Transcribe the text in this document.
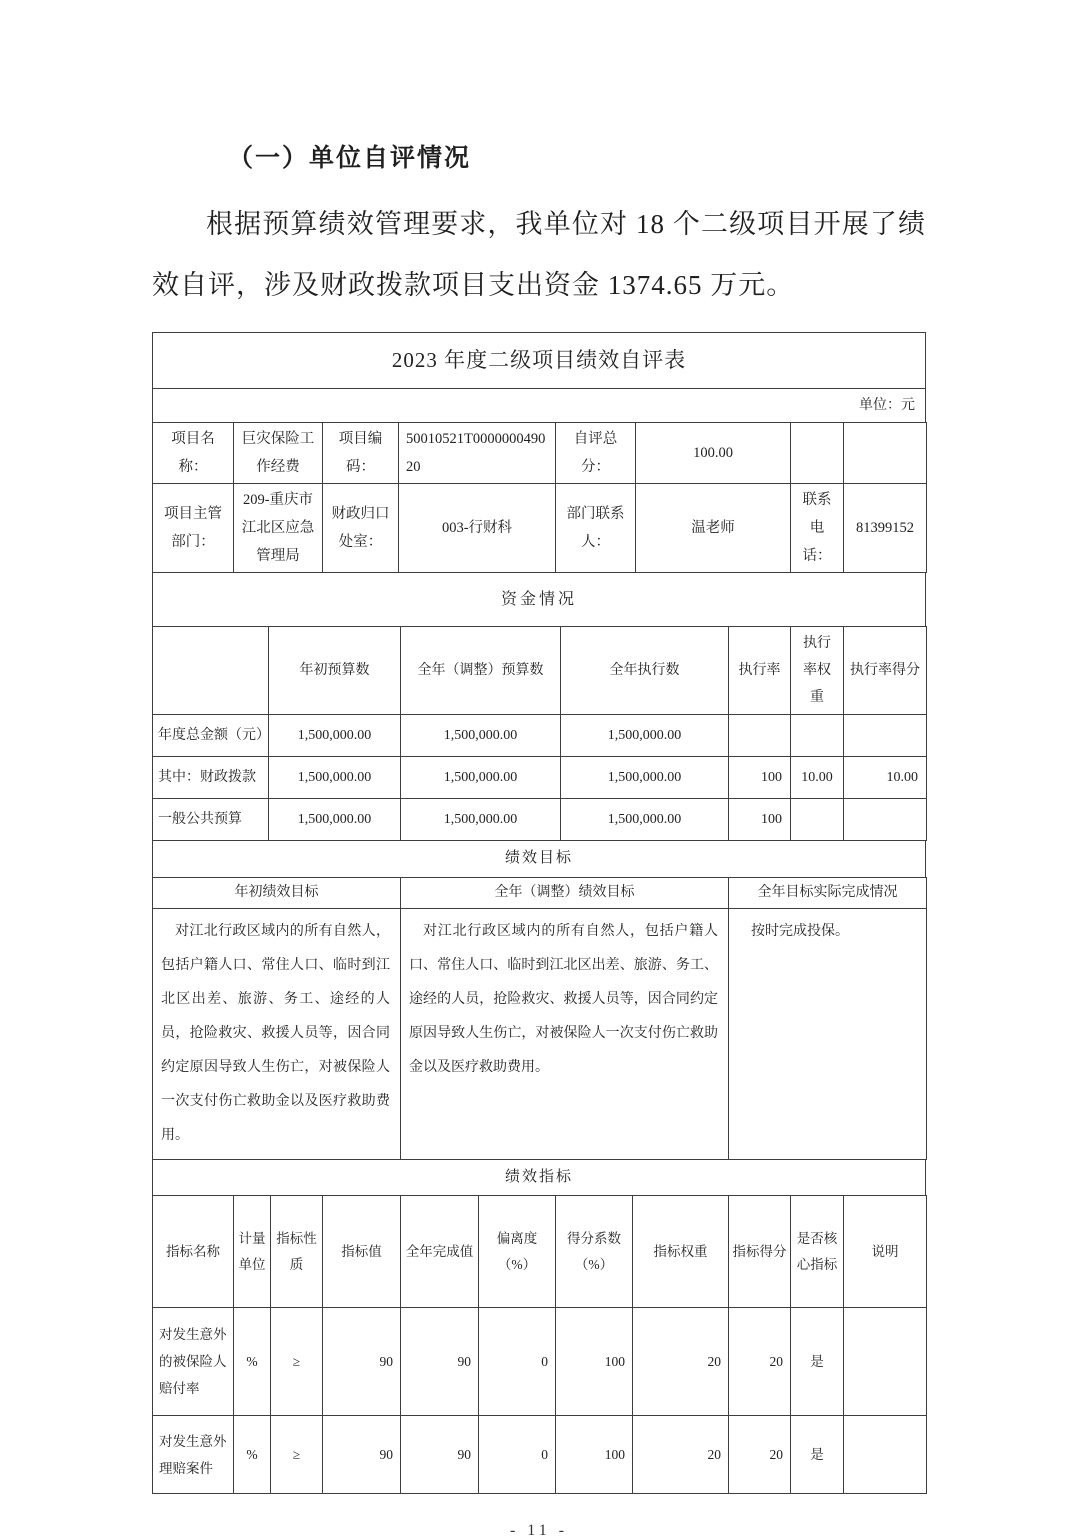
（一）单位自评情况

根据预算绩效管理要求，我单位对 18 个二级项目开展了绩效自评，涉及财政拨款项目支出资金 1374.65 万元。

2023 年度二级项目绩效自评表
单位：元
项目名称：	巨灾保险工作经费	项目编码：	50010521T000000049020	自评总分：	100.00		
项目主管部门：	209-重庆市江北区应急管理局	财政归口处室：	003-行财科	部门联系人：	温老师	联系电话：	81399152
资金情况
	年初预算数	全年（调整）预算数	全年执行数	执行率	执行率权重	执行率得分
年度总金额（元）	1,500,000.00	1,500,000.00	1,500,000.00			
其中：财政拨款	1,500,000.00	1,500,000.00	1,500,000.00	100	10.00	10.00
一般公共预算	1,500,000.00	1,500,000.00	1,500,000.00	100		
绩效目标
年初绩效目标	全年（调整）绩效目标	全年目标实际完成情况
对江北行政区域内的所有自然人，包括户籍人口、常住人口、临时到江北区出差、旅游、务工、途经的人员，抢险救灾、救援人员等，因合同约定原因导致人生伤亡，对被保险人一次支付伤亡救助金以及医疗救助费用。	对江北行政区域内的所有自然人，包括户籍人口、常住人口、临时到江北区出差、旅游、务工、途经的人员，抢险救灾、救援人员等，因合同约定原因导致人生伤亡，对被保险人一次支付伤亡救助金以及医疗救助费用。	按时完成投保。
绩效指标
指标名称	计量单位	指标性质	指标值	全年完成值	偏离度（%）	得分系数（%）	指标权重	指标得分	是否核心指标	说明
对发生意外的被保险人赔付率	%	≥	90	90	0	100	20	20	是	
对发生意外理赔案件	%	≥	90	90	0	100	20	20	是	
- 11 -
